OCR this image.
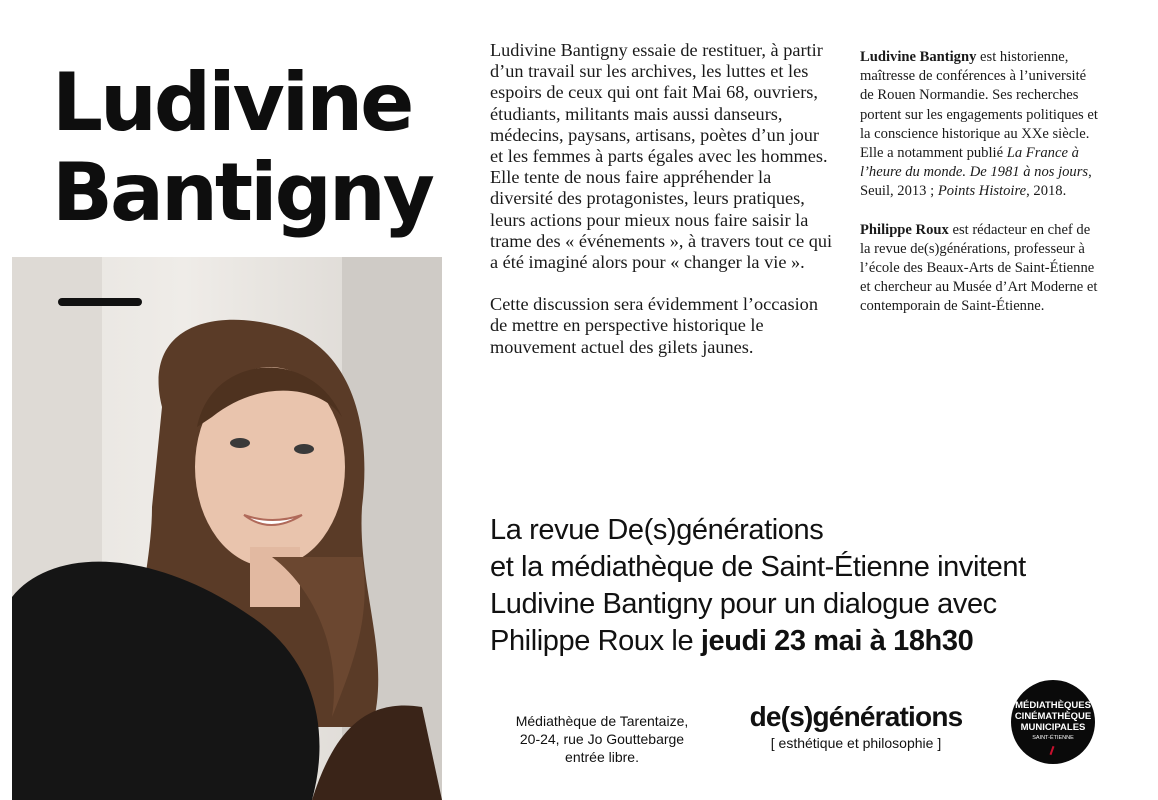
Ludivine
Bantigny

Ludivine Bantigny essaie de restituer, à partir d’un travail sur les archives, les luttes et les espoirs de ceux qui ont fait Mai 68, ouvriers, étudiants, militants mais aussi danseurs, médecins, paysans, artisans, poètes d’un jour et les femmes à parts égales avec les hommes. Elle tente de nous faire appréhender la diversité des protagonistes, leurs pratiques, leurs actions pour mieux nous faire saisir la trame des « événements », à travers tout ce qui a été imaginé alors pour « changer la vie ».

Cette discussion sera évidemment l’occasion de mettre en perspective historique le mouvement actuel des gilets jaunes.

Ludivine Bantigny est historienne, maîtresse de conférences à l’université de Rouen Normandie. Ses recherches portent sur les engagements politiques et la conscience historique au XXe siècle. Elle a notamment publié La France à l’heure du monde. De 1981 à nos jours, Seuil, 2013 ; Points Histoire, 2018.

Philippe Roux est rédacteur en chef de la revue de(s)générations, professeur à l’école des Beaux-Arts de Saint-Étienne et chercheur au Musée d’Art Moderne et contemporain de Saint-Étienne.

La revue De(s)générations
et la médiathèque de Saint-Étienne invitent
Ludivine Bantigny pour un dialogue avec
Philippe Roux le jeudi 23 mai à 18h30
Médiathèque de Tarentaize,
20-24, rue Jo Gouttebarge
entrée libre.
de(s)générations
[ esthétique et philosophie ]
MÉDIATHÈQUES
CINÉMATHÈQUE
MUNICIPALES
SAINT-ÉTIENNE
